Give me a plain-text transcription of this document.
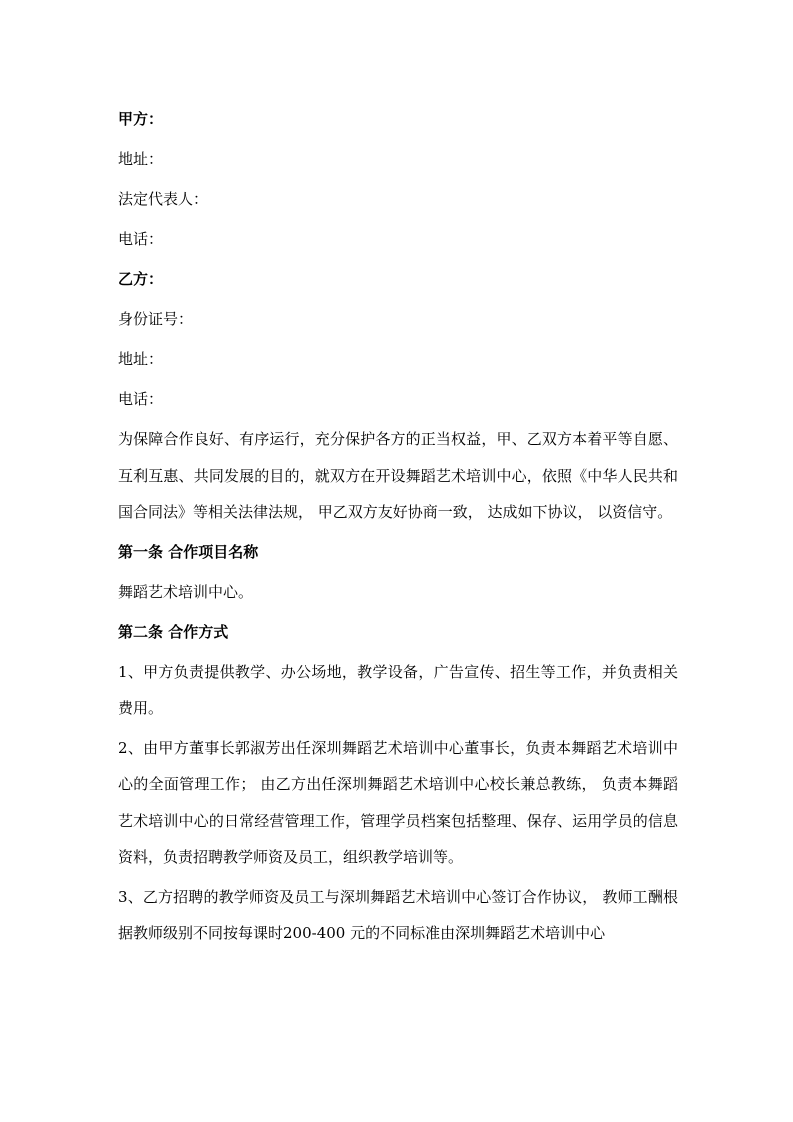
甲方：
地址：
法定代表人：
电话：
乙方：
身份证号：
地址：
电话：
为保障合作良好、有序运行，充分保护各方的正当权益，甲、乙双方本着平等自愿、互利互惠、共同发展的目的，就双方在开设舞蹈艺术培训中心，依照《中华人民共和国合同法》等相关法律法规， 甲乙双方友好协商一致， 达成如下协议， 以资信守。
第一条 合作项目名称
舞蹈艺术培训中心。
第二条 合作方式
1、甲方负责提供教学、办公场地，教学设备，广告宣传、招生等工作，并负责相关费用。
2、由甲方董事长郭淑芳出任深圳舞蹈艺术培训中心董事长，负责本舞蹈艺术培训中心的全面管理工作； 由乙方出任深圳舞蹈艺术培训中心校长兼总教练， 负责本舞蹈艺术培训中心的日常经营管理工作，管理学员档案包括整理、保存、运用学员的信息资料，负责招聘教学师资及员工，组织教学培训等。
3、乙方招聘的教学师资及员工与深圳舞蹈艺术培训中心签订合作协议， 教师工酬根据教师级别不同按每课时200-400 元的不同标准由深圳舞蹈艺术培训中心
